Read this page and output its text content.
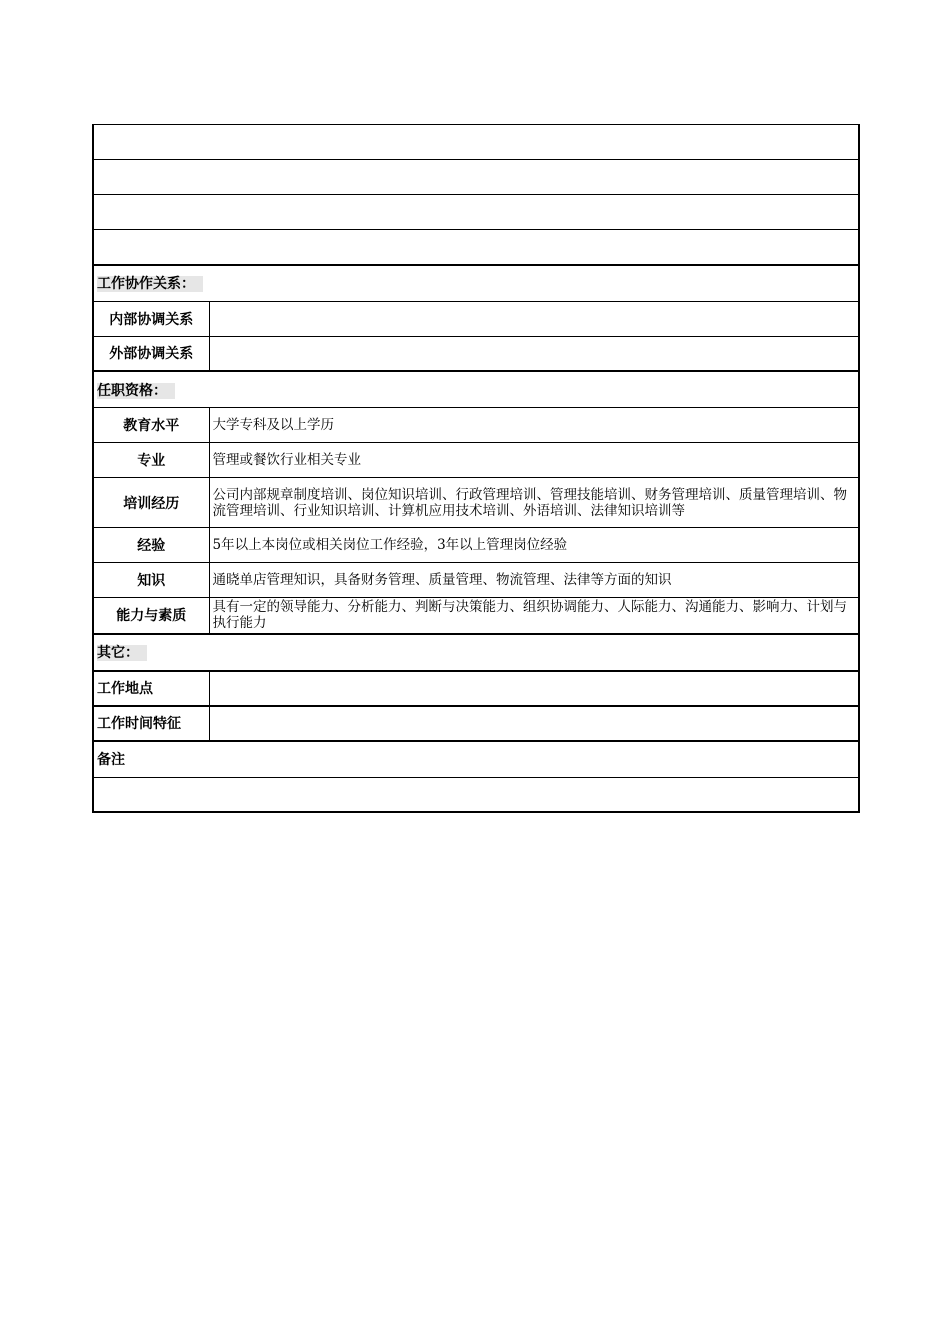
工作协作关系：	
内部协调关系	
外部协调关系	
任职资格：	
教育水平	大学专科及以上学历
专业	管理或餐饮行业相关专业
培训经历	公司内部规章制度培训、岗位知识培训、行政管理培训、管理技能培训、财务管理培训、质量管理培训、物流管理培训、行业知识培训、计算机应用技术培训、外语培训、法律知识培训等
经验	5年以上本岗位或相关岗位工作经验，3年以上管理岗位经验
知识	通晓单店管理知识，具备财务管理、质量管理、物流管理、法律等方面的知识
能力与素质	具有一定的领导能力、分析能力、判断与决策能力、组织协调能力、人际能力、沟通能力、影响力、计划与执行能力
其它：	
工作地点	
工作时间特征	
备注	
